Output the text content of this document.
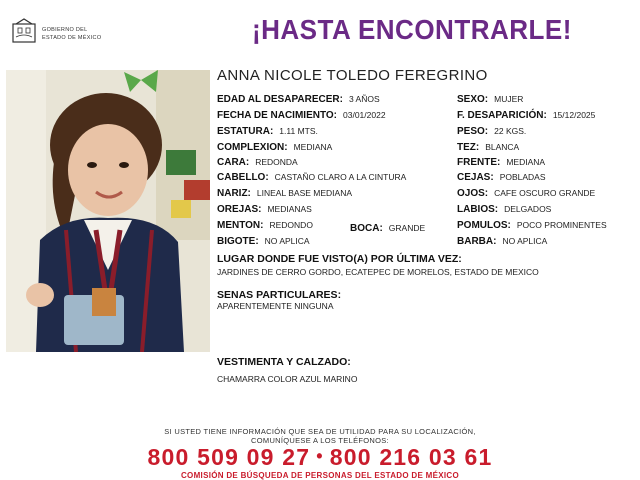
GOBIERNO DEL
ESTADO DE MÉXICO	¡HASTA ENCONTRARLE!
ANNA NICOLE TOLEDO FEREGRINO
EDAD AL DESAPARECER: 3 AÑOS
FECHA DE NACIMIENTO: 03/01/2022
ESTATURA: 1.11 MTS.
COMPLEXION: MEDIANA
CARA: REDONDA
CABELLO: CASTAÑO CLARO A LA CINTURA
NARIZ: LINEAL BASE MEDIANA
OREJAS: MEDIANAS
MENTON: REDONDO	BOCA: GRANDE
BIGOTE: NO APLICA
SEXO: MUJER
F. DESAPARICIÓN: 15/12/2025
PESO: 22 KGS.
TEZ: BLANCA
FRENTE: MEDIANA
CEJAS: POBLADAS
OJOS: CAFE OSCURO GRANDE
LABIOS: DELGADOS
POMULOS: POCO PROMINENTES
BARBA: NO APLICA
LUGAR DONDE FUE VISTO(A) POR ÚLTIMA VEZ:
JARDINES DE CERRO GORDO, ECATEPEC DE MORELOS, ESTADO DE MEXICO
SENAS PARTICULARES:
APARENTEMENTE NINGUNA
VESTIMENTA Y CALZADO:
CHAMARRA COLOR AZUL MARINO
SI USTED TIENE INFORMACIÓN QUE SEA DE UTILIDAD PARA SU LOCALIZACIÓN,
COMUNÍQUESE A LOS TELÉFONOS:
800 509 09 27 • 800 216 03 61
COMISIÓN DE BÚSQUEDA DE PERSONAS DEL ESTADO DE MÉXICO
